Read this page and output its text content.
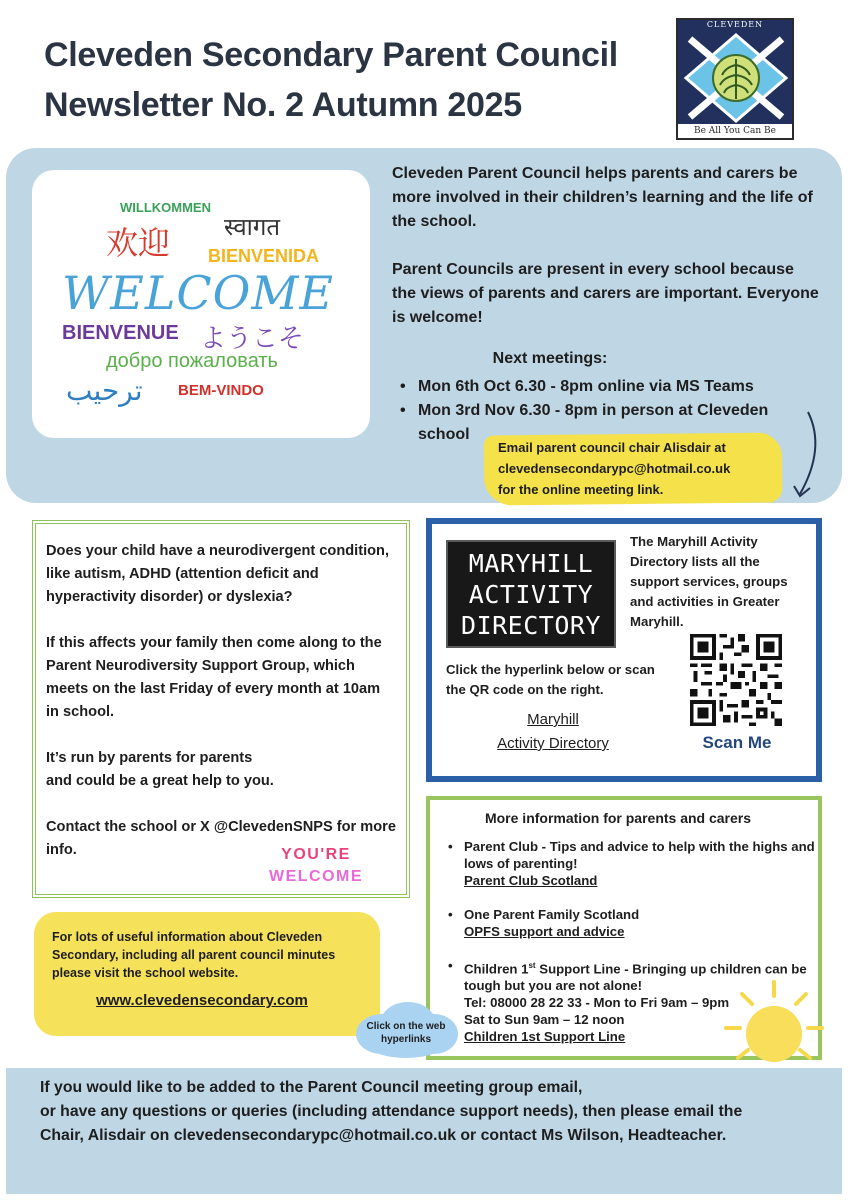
Cleveden Secondary Parent Council
Newsletter No. 2 Autumn 2025
CLEVEDEN
Be All You Can Be
WILLKOMMEN
स्वागत
欢迎 BIENVENIDA
WELCOME
BIENVENUE ようこそ
добро пожаловать
ترحيب BEM-VINDO

Cleveden Parent Council helps parents and carers be more involved in their children’s learning and the life of the school.

Parent Councils are present in every school because the views of parents and carers are important. Everyone is welcome!

Next meetings:
• Mon 6th Oct 6.30 - 8pm online via MS Teams
• Mon 3rd Nov 6.30 - 8pm in person at Cleveden school
Email parent council chair Alisdair at
clevedensecondarypc@hotmail.co.uk
for the online meeting link.

Does your child have a neurodivergent condition, like autism, ADHD (attention deficit and hyperactivity disorder) or dyslexia?

If this affects your family then come along to the Parent Neurodiversity Support Group, which meets on the last Friday of every month at 10am in school.

It’s run by parents for parents
and could be a great help to you.

Contact the school or X @ClevedenSNPS for more info.	YOU'RE
WELCOME
MARYHILL
ACTIVITY
DIRECTORY
The Maryhill Activity Directory lists all the support services, groups and activities in Greater Maryhill.
Click the hyperlink below or scan the QR code on the right.
Maryhill
Activity Directory	Scan Me
More information for parents and carers
• Parent Club - Tips and advice to help with the highs and lows of parenting!
Parent Club Scotland
• One Parent Family Scotland
OPFS support and advice
• Children 1st Support Line - Bringing up children can be tough but you are not alone!
Tel: 08000 28 22 33 - Mon to Fri 9am – 9pm
Sat to Sun 9am – 12 noon
Children 1st Support Line
For lots of useful information about Cleveden Secondary, including all parent council minutes please visit the school website.
www.clevedensecondary.com
Click on the web
hyperlinks
If you would like to be added to the Parent Council meeting group email,
or have any questions or queries (including attendance support needs), then please email the
Chair, Alisdair on clevedensecondarypc@hotmail.co.uk or contact Ms Wilson, Headteacher.
